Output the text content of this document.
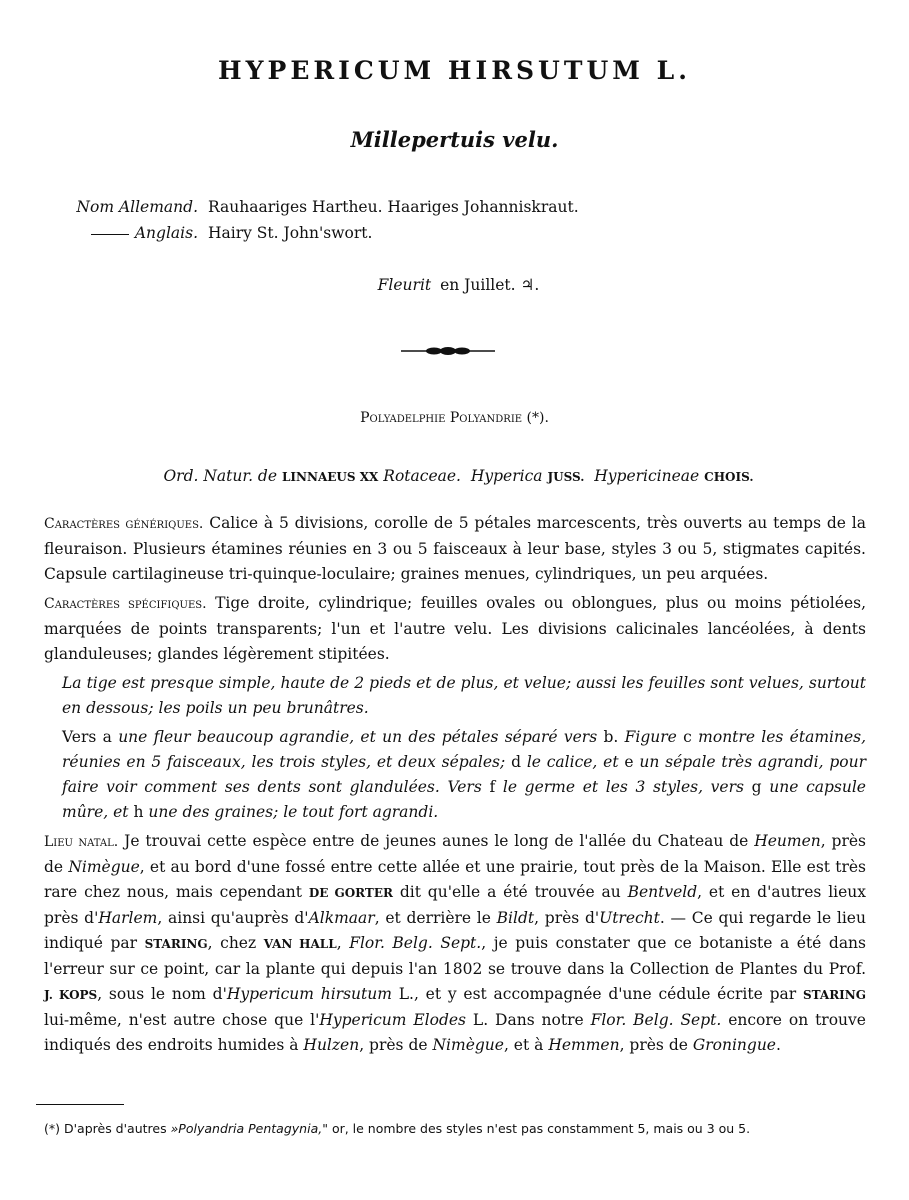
HYPERICUM HIRSUTUM L.
Millepertuis velu.
Nom Allemand. Rauhaariges Hartheu. Haariges Johanniskraut.
Anglais. Hairy St. John'swort.
Fleurit en Juillet. ♃.
Polyadelphie Polyandrie (*).
Ord. Natur. de LINNAEUS XX Rotaceae. Hyperica JUSS. Hypericineae CHOIS.

Caractères génériques. Calice à 5 divisions, corolle de 5 pétales marcescents, très ouverts au temps de la fleuraison. Plusieurs étamines réunies en 3 ou 5 faisceaux à leur base, styles 3 ou 5, stigmates capités. Capsule cartilagineuse tri-quinque-loculaire; graines menues, cylindriques, un peu arquées.

Caractères spécifiques. Tige droite, cylindrique; feuilles ovales ou oblongues, plus ou moins pétiolées, marquées de points transparents; l'un et l'autre velu. Les divisions calicinales lancéolées, à dents glanduleuses; glandes légèrement stipitées.

La tige est presque simple, haute de 2 pieds et de plus, et velue; aussi les feuilles sont velues, surtout en dessous; les poils un peu brunâtres.

Vers a une fleur beaucoup agrandie, et un des pétales séparé vers b. Figure c montre les étamines, réunies en 5 faisceaux, les trois styles, et deux sépales; d le calice, et e un sépale très agrandi, pour faire voir comment ses dents sont glandulées. Vers f le germe et les 3 styles, vers g une capsule mûre, et h une des graines; le tout fort agrandi.

Lieu natal. Je trouvai cette espèce entre de jeunes aunes le long de l'allée du Chateau de Heumen, près de Nimègue, et au bord d'une fossé entre cette allée et une prairie, tout près de la Maison. Elle est très rare chez nous, mais cependant DE GORTER dit qu'elle a été trouvée au Bentveld, et en d'autres lieux près d'Harlem, ainsi qu'auprès d'Alkmaar, et derrière le Bildt, près d'Utrecht. — Ce qui regarde le lieu indiqué par STARING, chez VAN HALL, Flor. Belg. Sept., je puis constater que ce botaniste a été dans l'erreur sur ce point, car la plante qui depuis l'an 1802 se trouve dans la Collection de Plantes du Prof. J. KOPS, sous le nom d'Hypericum hirsutum L., et y est accompagnée d'une cédule écrite par STARING lui-même, n'est autre chose que l'Hypericum Elodes L. Dans notre Flor. Belg. Sept. encore on trouve indiqués des endroits humides à Hulzen, près de Nimègue, et à Hemmen, près de Groningue.

(*) D'après d'autres »Polyandria Pentagynia," or, le nombre des styles n'est pas constamment 5, mais ou 3 ou 5.
